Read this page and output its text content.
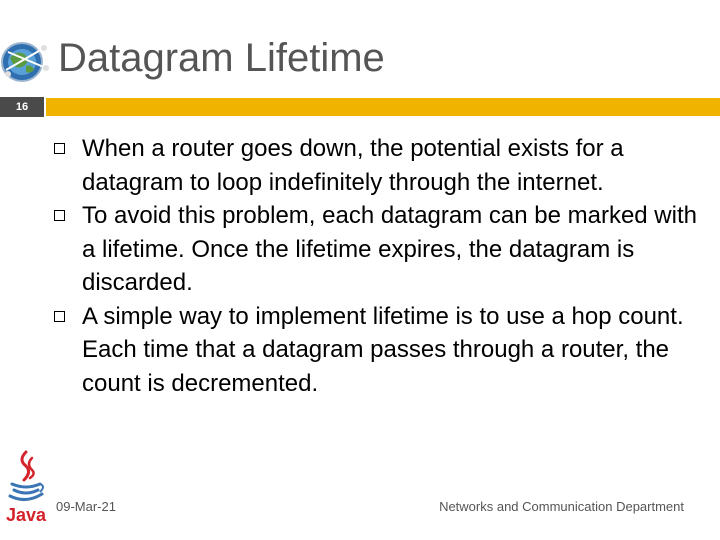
Datagram Lifetime
16
When a router goes down, the potential exists for a datagram to loop indefinitely through the internet.
To avoid this problem, each datagram can be marked with a lifetime. Once the lifetime expires, the datagram is discarded.
A simple way to implement lifetime is to use a hop count. Each time that a datagram passes through a router, the count is decremented.
Java 09-Mar-21	Networks and Communication Department
